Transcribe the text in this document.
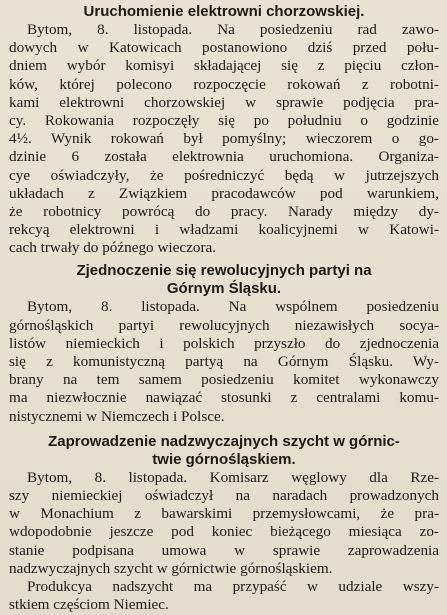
Uruchomienie elektrowni chorzowskiej.
Bytom, 8. listopada. Na posiedzeniu rad zawo-
dowych w Katowicach postanowiono dziś przed połu-
dniem wybór komisyi składającej się z pięciu człon-
ków, której polecono rozpoczęcie rokowań z robotni-
kami elektrowni chorzowskiej w sprawie podjęcia pra-
cy. Rokowania rozpoczęły się po południu o godzinie
4½. Wynik rokowań był pomyślny; wieczorem o go-
dzinie 6 została elektrownia uruchomiona. Organiza-
cye oświadczyły, że pośredniczyć będą w jutrzejszych
układach z Związkiem pracodawców pod warunkiem,
że robotnicy powrócą do pracy. Narady między dy-
rekcyą elektrowni i władzami koalicyjnemi w Katowi-
cach trwały do późnego wieczora.
Zjednoczenie się rewolucyjnych partyi na
Górnym Śląsku.
Bytom, 8. listopada. Na wspólnem posiedzeniu
górnośląskich partyi rewolucyjnych niezawisłych socya-
listów niemieckich i polskich przyszło do zjednoczenia
się z komunistyczną partyą na Górnym Śląsku. Wy-
brany na tem samem posiedzeniu komitet wykonawczy
ma niezwłocznie nawiązać stosunki z centralami komu-
nistycznemi w Niemczech i Polsce.
Zaprowadzenie nadzwyczajnych szycht w górnic-
twie górnośląskiem.
Bytom, 8. listopada. Komisarz węglowy dla Rze-
szy niemieckiej oświadczył na naradach prowadzonych
w Monachium z bawarskimi przemysłowcami, że pra-
wdopodobnie jeszcze pod koniec bieżącego miesiąca zo-
stanie podpisana umowa w sprawie zaprowadzenia
nadzwyczajnych szycht w górnictwie górnośląskiem.
Produkcya nadszycht ma przypaść w udziale wszy-
stkiem częściom Niemiec.
